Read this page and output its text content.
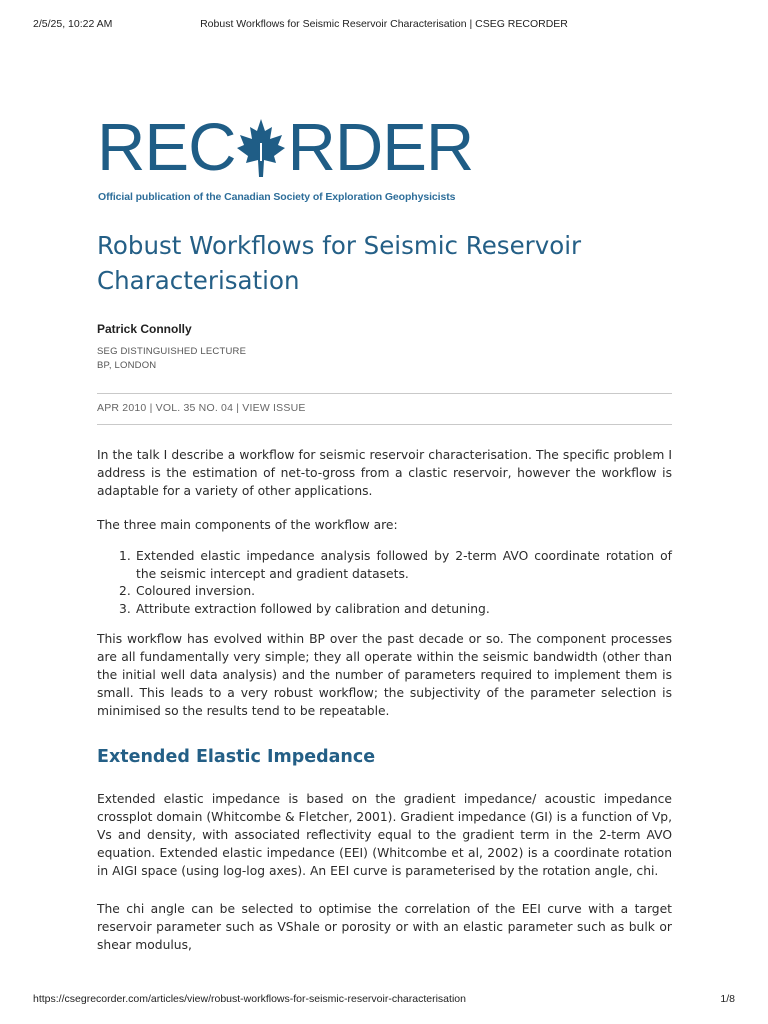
2/5/25, 10:22 AM	Robust Workflows for Seismic Reservoir Characterisation | CSEG RECORDER
REC RDER
Official publication of the Canadian Society of Exploration Geophysicists
Robust Workflows for Seismic Reservoir Characterisation
Patrick Connolly
SEG DISTINGUISHED LECTURE
BP, LONDON
APR 2010 | VOL. 35 NO. 04 | VIEW ISSUE

In the talk I describe a workflow for seismic reservoir characterisation. The specific problem I address is the estimation of net-to-gross from a clastic reservoir, however the workflow is adaptable for a variety of other applications.

The three main components of the workflow are:

1. Extended elastic impedance analysis followed by 2-term AVO coordinate rotation of the seismic intercept and gradient datasets.
2. Coloured inversion.
3. Attribute extraction followed by calibration and detuning.

This workflow has evolved within BP over the past decade or so. The component processes are all fundamentally very simple; they all operate within the seismic bandwidth (other than the initial well data analysis) and the number of parameters required to implement them is small. This leads to a very robust workflow; the subjectivity of the parameter selection is minimised so the results tend to be repeatable.

Extended Elastic Impedance

Extended elastic impedance is based on the gradient impedance/ acoustic impedance crossplot domain (Whitcombe & Fletcher, 2001). Gradient impedance (GI) is a function of Vp, Vs and density, with associated reflectivity equal to the gradient term in the 2-term AVO equation. Extended elastic impedance (EEI) (Whitcombe et al, 2002) is a coordinate rotation in AIGI space (using log-log axes). An EEI curve is parameterised by the rotation angle, chi.

The chi angle can be selected to optimise the correlation of the EEI curve with a target reservoir parameter such as VShale or porosity or with an elastic parameter such as bulk or shear modulus,

https://csegrecorder.com/articles/view/robust-workflows-for-seismic-reservoir-characterisation	1/8
